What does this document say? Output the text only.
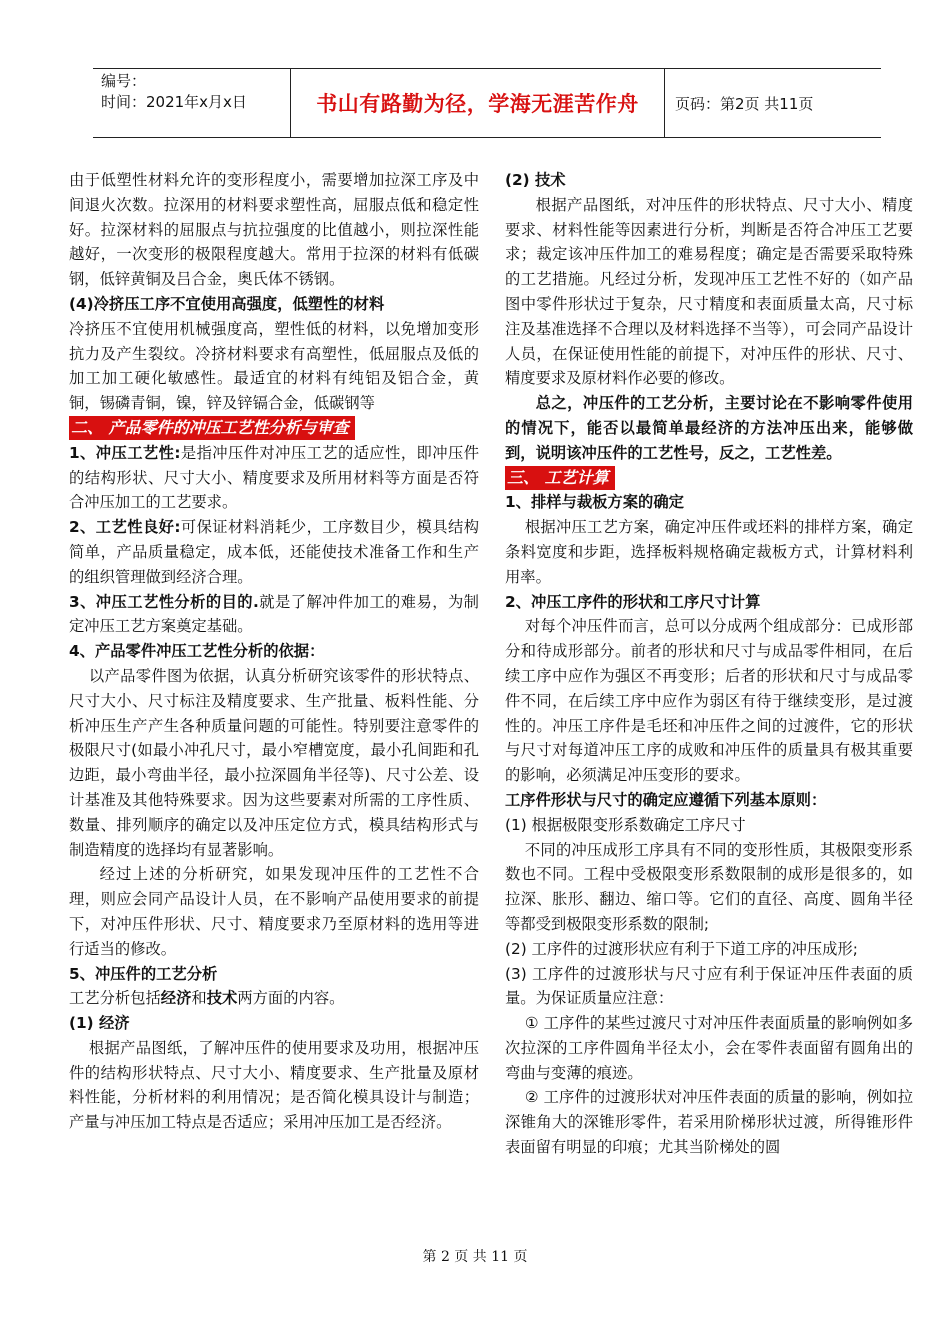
编号：
时间：2021年x月x日	书山有路勤为径，学海无涯苦作舟	页码：第2页 共11页

由于低塑性材料允许的变形程度小，需要增加拉深工序及中间退火次数。拉深用的材料要求塑性高，屈服点低和稳定性好。拉深材料的屈服点与抗拉强度的比值越小，则拉深性能越好，一次变形的极限程度越大。常用于拉深的材料有低碳钢，低锌黄铜及吕合金，奥氏体不锈钢。

(4)冷挤压工序不宜使用高强度，低塑性的材料

冷挤压不宜使用机械强度高，塑性低的材料，以免增加变形抗力及产生裂纹。冷挤材料要求有高塑性，低屈服点及低的加工加工硬化敏感性。最适宜的材料有纯铝及铝合金，黄铜，锡磷青铜，镍，锌及锌镉合金，低碳钢等

二、 产品零件的冲压工艺性分析与审查

1、冲压工艺性:是指冲压件对冲压工艺的适应性，即冲压件的结构形状、尺寸大小、精度要求及所用材料等方面是否符合冲压加工的工艺要求。

2、工艺性良好:可保证材料消耗少，工序数目少，模具结构简单，产品质量稳定，成本低，还能使技术准备工作和生产的组织管理做到经济合理。

3、冲压工艺性分析的目的.就是了解冲件加工的难易，为制定冲压工艺方案奠定基础。

4、产品零件冲压工艺性分析的依据：

以产品零件图为依据，认真分析研究该零件的形状特点、尺寸大小、尺寸标注及精度要求、生产批量、板料性能、分析冲压生产产生各种质量问题的可能性。特别要注意零件的极限尺寸(如最小冲孔尺寸，最小窄槽宽度，最小孔间距和孔边距，最小弯曲半径，最小拉深圆角半径等)、尺寸公差、设计基准及其他特殊要求。因为这些要素对所需的工序性质、数量、排列顺序的确定以及冲压定位方式，模具结构形式与制造精度的选择均有显著影响。

经过上述的分析研究，如果发现冲压件的工艺性不合理，则应会同产品设计人员，在不影响产品使用要求的前提下，对冲压件形状、尺寸、精度要求乃至原材料的选用等进行适当的修改。

5、冲压件的工艺分析

工艺分析包括经济和技术两方面的内容。

(1) 经济

根据产品图纸，了解冲压件的使用要求及功用，根据冲压件的结构形状特点、尺寸大小、精度要求、生产批量及原材料性能，分析材料的利用情况；是否简化模具设计与制造；产量与冲压加工特点是否适应；采用冲压加工是否经济。

(2) 技术

根据产品图纸，对冲压件的形状特点、尺寸大小、精度要求、材料性能等因素进行分析，判断是否符合冲压工艺要求；裁定该冲压件加工的难易程度；确定是否需要采取特殊的工艺措施。凡经过分析，发现冲压工艺性不好的（如产品图中零件形状过于复杂，尺寸精度和表面质量太高，尺寸标注及基准选择不合理以及材料选择不当等），可会同产品设计人员，在保证使用性能的前提下，对冲压件的形状、尺寸、精度要求及原材料作必要的修改。

总之，冲压件的工艺分析，主要讨论在不影响零件使用的情况下，能否以最简单最经济的方法冲压出来，能够做到，说明该冲压件的工艺性号，反之，工艺性差。

三、 工艺计算

1、排样与裁板方案的确定

根据冲压工艺方案，确定冲压件或坯料的排样方案，确定条料宽度和步距，选择板料规格确定裁板方式，计算材料利用率。

2、冲压工序件的形状和工序尺寸计算

对每个冲压件而言，总可以分成两个组成部分：已成形部分和待成形部分。前者的形状和尺寸与成品零件相同，在后续工序中应作为强区不再变形；后者的形状和尺寸与成品零件不同，在后续工序中应作为弱区有待于继续变形，是过渡性的。冲压工序件是毛坯和冲压件之间的过渡件，它的形状与尺寸对每道冲压工序的成败和冲压件的质量具有极其重要的影响，必须满足冲压变形的要求。

工序件形状与尺寸的确定应遵循下列基本原则：

(1) 根据极限变形系数确定工序尺寸

不同的冲压成形工序具有不同的变形性质，其极限变形系数也不同。工程中受极限变形系数限制的成形是很多的，如拉深、胀形、翻边、缩口等。它们的直径、高度、圆角半径等都受到极限变形系数的限制;

(2) 工序件的过渡形状应有利于下道工序的冲压成形;

(3) 工序件的过渡形状与尺寸应有利于保证冲压件表面的质量。为保证质量应注意：

① 工序件的某些过渡尺寸对冲压件表面质量的影响例如多次拉深的工序件圆角半径太小，会在零件表面留有圆角出的弯曲与变薄的痕迹。

② 工序件的过渡形状对冲压件表面的质量的影响，例如拉深锥角大的深锥形零件，若采用阶梯形状过渡，所得锥形件表面留有明显的印痕；尤其当阶梯处的圆

第 2 页 共 11 页
